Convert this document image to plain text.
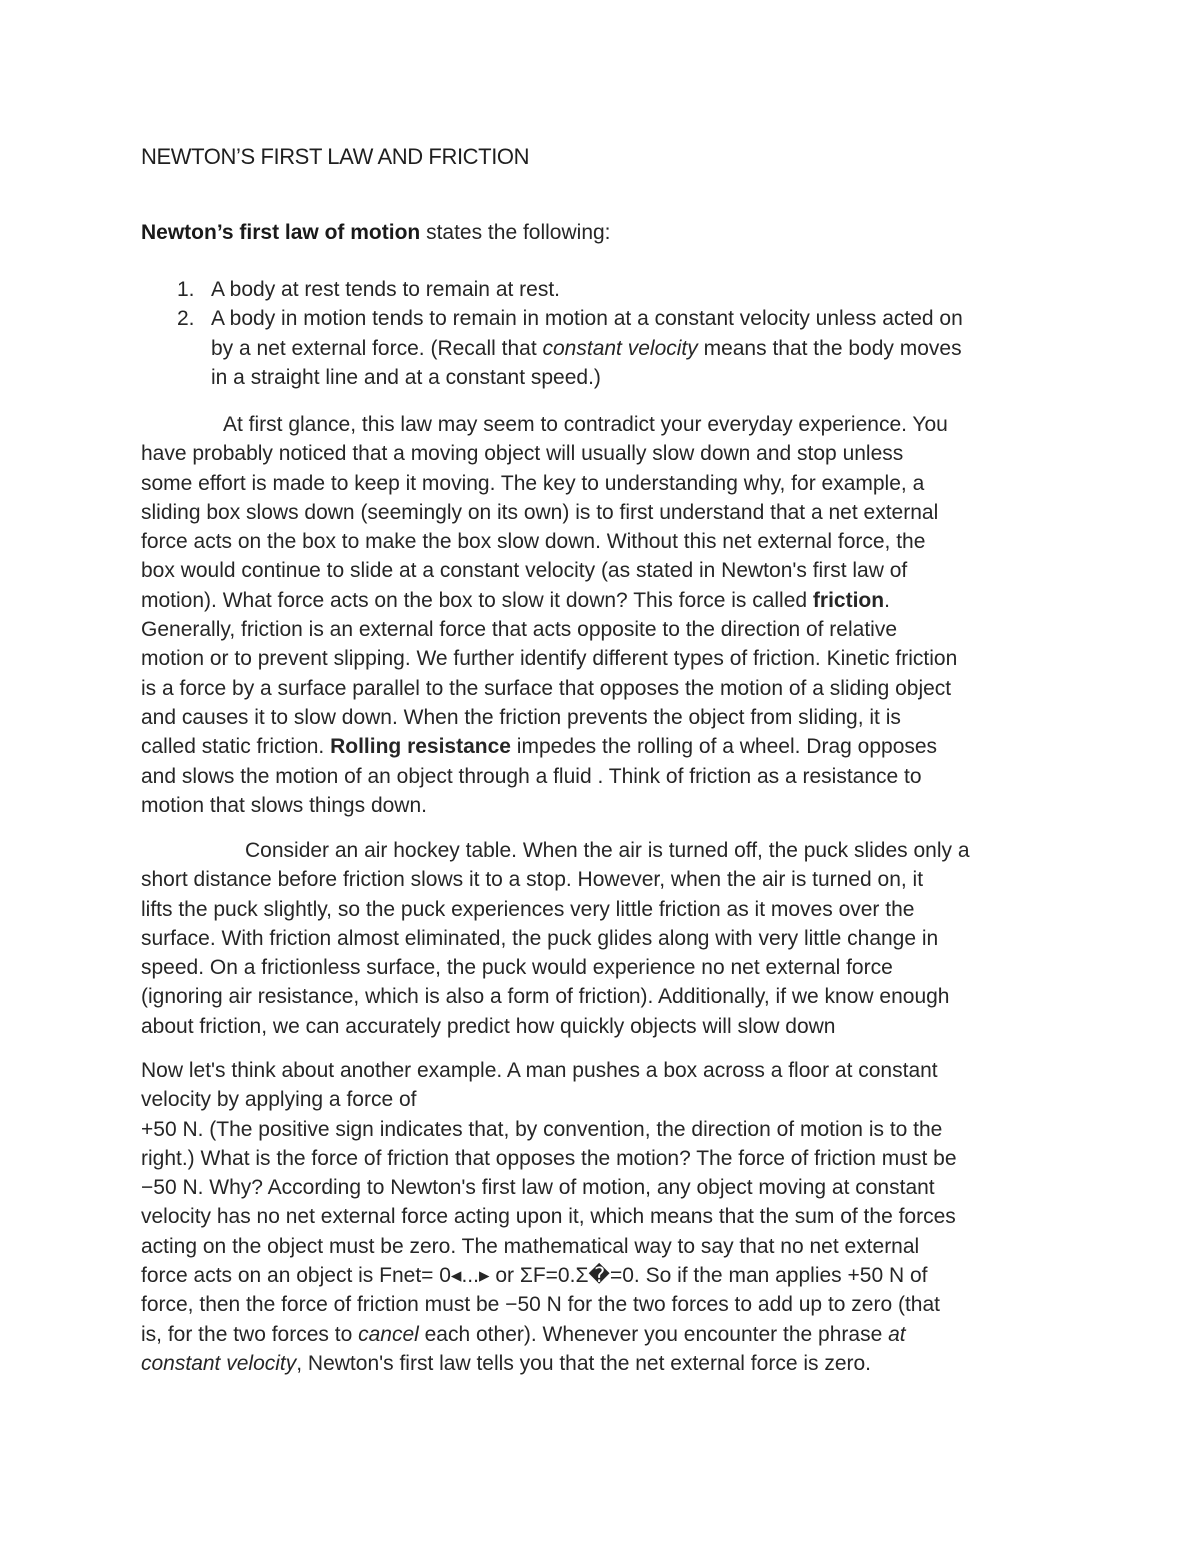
NEWTON’S FIRST LAW AND FRICTION
Newton’s first law of motion states the following:
1. A body at rest tends to remain at rest.
2. A body in motion tends to remain in motion at a constant velocity unless acted on
by a net external force. (Recall that constant velocity means that the body moves
in a straight line and at a constant speed.)
At first glance, this law may seem to contradict your everyday experience. You
have probably noticed that a moving object will usually slow down and stop unless
some effort is made to keep it moving. The key to understanding why, for example, a
sliding box slows down (seemingly on its own) is to first understand that a net external
force acts on the box to make the box slow down. Without this net external force, the
box would continue to slide at a constant velocity (as stated in Newton's first law of
motion). What force acts on the box to slow it down? This force is called friction.
Generally, friction is an external force that acts opposite to the direction of relative
motion or to prevent slipping. We further identify different types of friction. Kinetic friction
is a force by a surface parallel to the surface that opposes the motion of a sliding object
and causes it to slow down. When the friction prevents the object from sliding, it is
called static friction. Rolling resistance impedes the rolling of a wheel. Drag opposes
and slows the motion of an object through a fluid . Think of friction as a resistance to
motion that slows things down.
Consider an air hockey table. When the air is turned off, the puck slides only a
short distance before friction slows it to a stop. However, when the air is turned on, it
lifts the puck slightly, so the puck experiences very little friction as it moves over the
surface. With friction almost eliminated, the puck glides along with very little change in
speed. On a frictionless surface, the puck would experience no net external force
(ignoring air resistance, which is also a form of friction). Additionally, if we know enough
about friction, we can accurately predict how quickly objects will slow down
Now let's think about another example. A man pushes a box across a floor at constant
velocity by applying a force of
+50 N. (The positive sign indicates that, by convention, the direction of motion is to the
right.) What is the force of friction that opposes the motion? The force of friction must be
−50 N. Why? According to Newton's first law of motion, any object moving at constant
velocity has no net external force acting upon it, which means that the sum of the forces
acting on the object must be zero. The mathematical way to say that no net external
force acts on an object is Fnet= 0◂...▸ or ΣF=0.Σ�=0. So if the man applies +50 N of
force, then the force of friction must be −50 N for the two forces to add up to zero (that
is, for the two forces to cancel each other). Whenever you encounter the phrase at
constant velocity, Newton's first law tells you that the net external force is zero.
